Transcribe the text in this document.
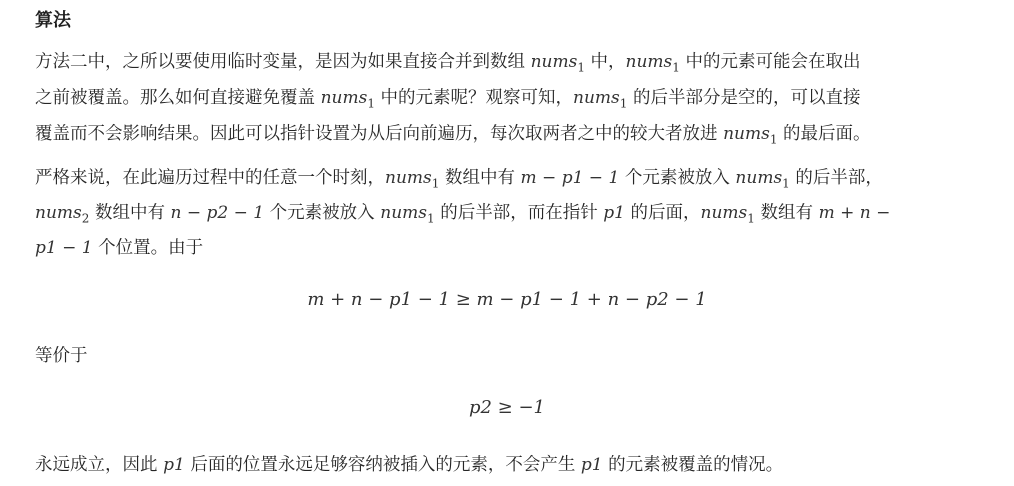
算法
方法二中，之所以要使用临时变量，是因为如果直接合并到数组 nums$_1$ 中，nums$_1$ 中的元素可能会在取出
之前被覆盖。那么如何直接避免覆盖 nums$_1$ 中的元素呢？观察可知，nums$_1$ 的后半部分是空的，可以直接
覆盖而不会影响结果。因此可以指针设置为从后向前遍历，每次取两者之中的较大者放进 nums$_1$ 的最后面。
严格来说，在此遍历过程中的任意一个时刻，nums$_1$ 数组中有 m − p1 − 1 个元素被放入 nums$_1$ 的后半部，
nums$_2$ 数组中有 n − p2 − 1 个元素被放入 nums$_1$ 的后半部，而在指针 p1 的后面，nums$_1$ 数组有 m + n −
p1 − 1 个位置。由于
m + n − p1 − 1 ≥ m − p1 − 1 + n − p2 − 1
等价于
p2 ≥ −1
永远成立，因此 p1 后面的位置永远足够容纳被插入的元素，不会产生 p1 的元素被覆盖的情况。
